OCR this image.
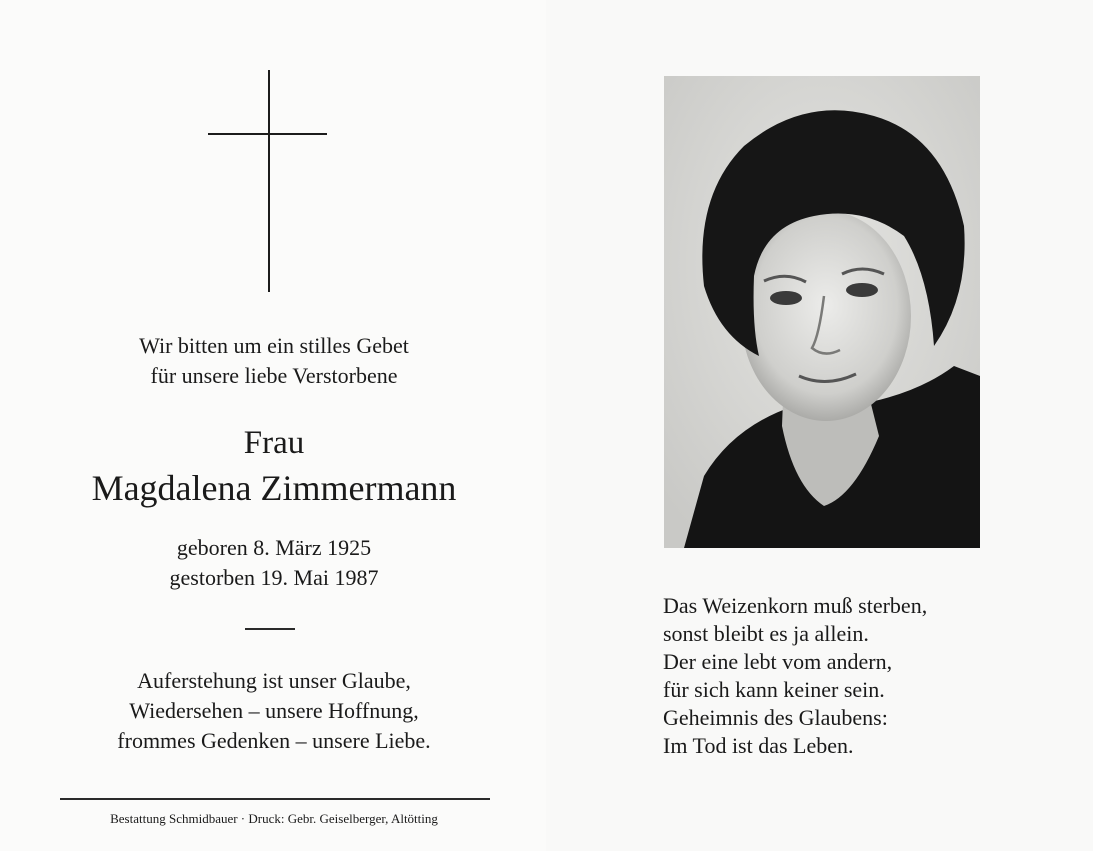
Wir bitten um ein stilles Gebet
für unsere liebe Verstorbene
Frau
Magdalena Zimmermann
geboren 8. März 1925
gestorben 19. Mai 1987
Auferstehung ist unser Glaube,
Wiedersehen – unsere Hoffnung,
frommes Gedenken – unsere Liebe.
Bestattung Schmidbauer · Druck: Gebr. Geiselberger, Altötting
Das Weizenkorn muß sterben,
sonst bleibt es ja allein.
Der eine lebt vom andern,
für sich kann keiner sein.
Geheimnis des Glaubens:
Im Tod ist das Leben.
